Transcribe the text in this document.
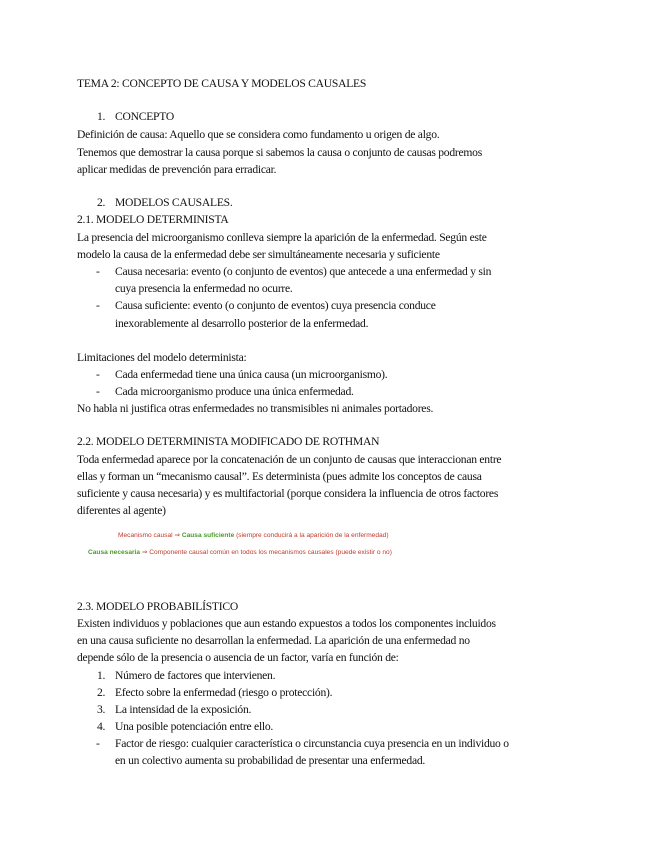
TEMA 2: CONCEPTO DE CAUSA Y MODELOS CAUSALES
1. CONCEPTO
Definición de causa: Aquello que se considera como fundamento u origen de algo.
Tenemos que demostrar la causa porque si sabemos la causa o conjunto de causas podremos
aplicar medidas de prevención para erradicar.
2. MODELOS CAUSALES.
2.1. MODELO DETERMINISTA
La presencia del microorganismo conlleva siempre la aparición de la enfermedad. Según este
modelo la causa de la enfermedad debe ser simultáneamente necesaria y suficiente
- Causa necesaria: evento (o conjunto de eventos) que antecede a una enfermedad y sin
cuya presencia la enfermedad no ocurre.
- Causa suficiente: evento (o conjunto de eventos) cuya presencia conduce
inexorablemente al desarrollo posterior de la enfermedad.
Limitaciones del modelo determinista:
- Cada enfermedad tiene una única causa (un microorganismo).
- Cada microorganismo produce una única enfermedad.
No habla ni justifica otras enfermedades no transmisibles ni animales portadores.
2.2. MODELO DETERMINISTA MODIFICADO DE ROTHMAN
Toda enfermedad aparece por la concatenación de un conjunto de causas que interaccionan entre
ellas y forman un “mecanismo causal”. Es determinista (pues admite los conceptos de causa
suficiente y causa necesaria) y es multifactorial (porque considera la influencia de otros factores
diferentes al agente)
Mecanismo causal ⇒ Causa suficiente (siempre conducirá a la aparición de la enfermedad)
Causa necesaria ⇒ Componente causal común en todos los mecanismos causales (puede existir o no)
2.3. MODELO PROBABILÍSTICO
Existen individuos y poblaciones que aun estando expuestos a todos los componentes incluidos
en una causa suficiente no desarrollan la enfermedad. La aparición de una enfermedad no
depende sólo de la presencia o ausencia de un factor, varía en función de:
1. Número de factores que intervienen.
2. Efecto sobre la enfermedad (riesgo o protección).
3. La intensidad de la exposición.
4. Una posible potenciación entre ello.
- Factor de riesgo: cualquier característica o circunstancia cuya presencia en un individuo o
en un colectivo aumenta su probabilidad de presentar una enfermedad.
